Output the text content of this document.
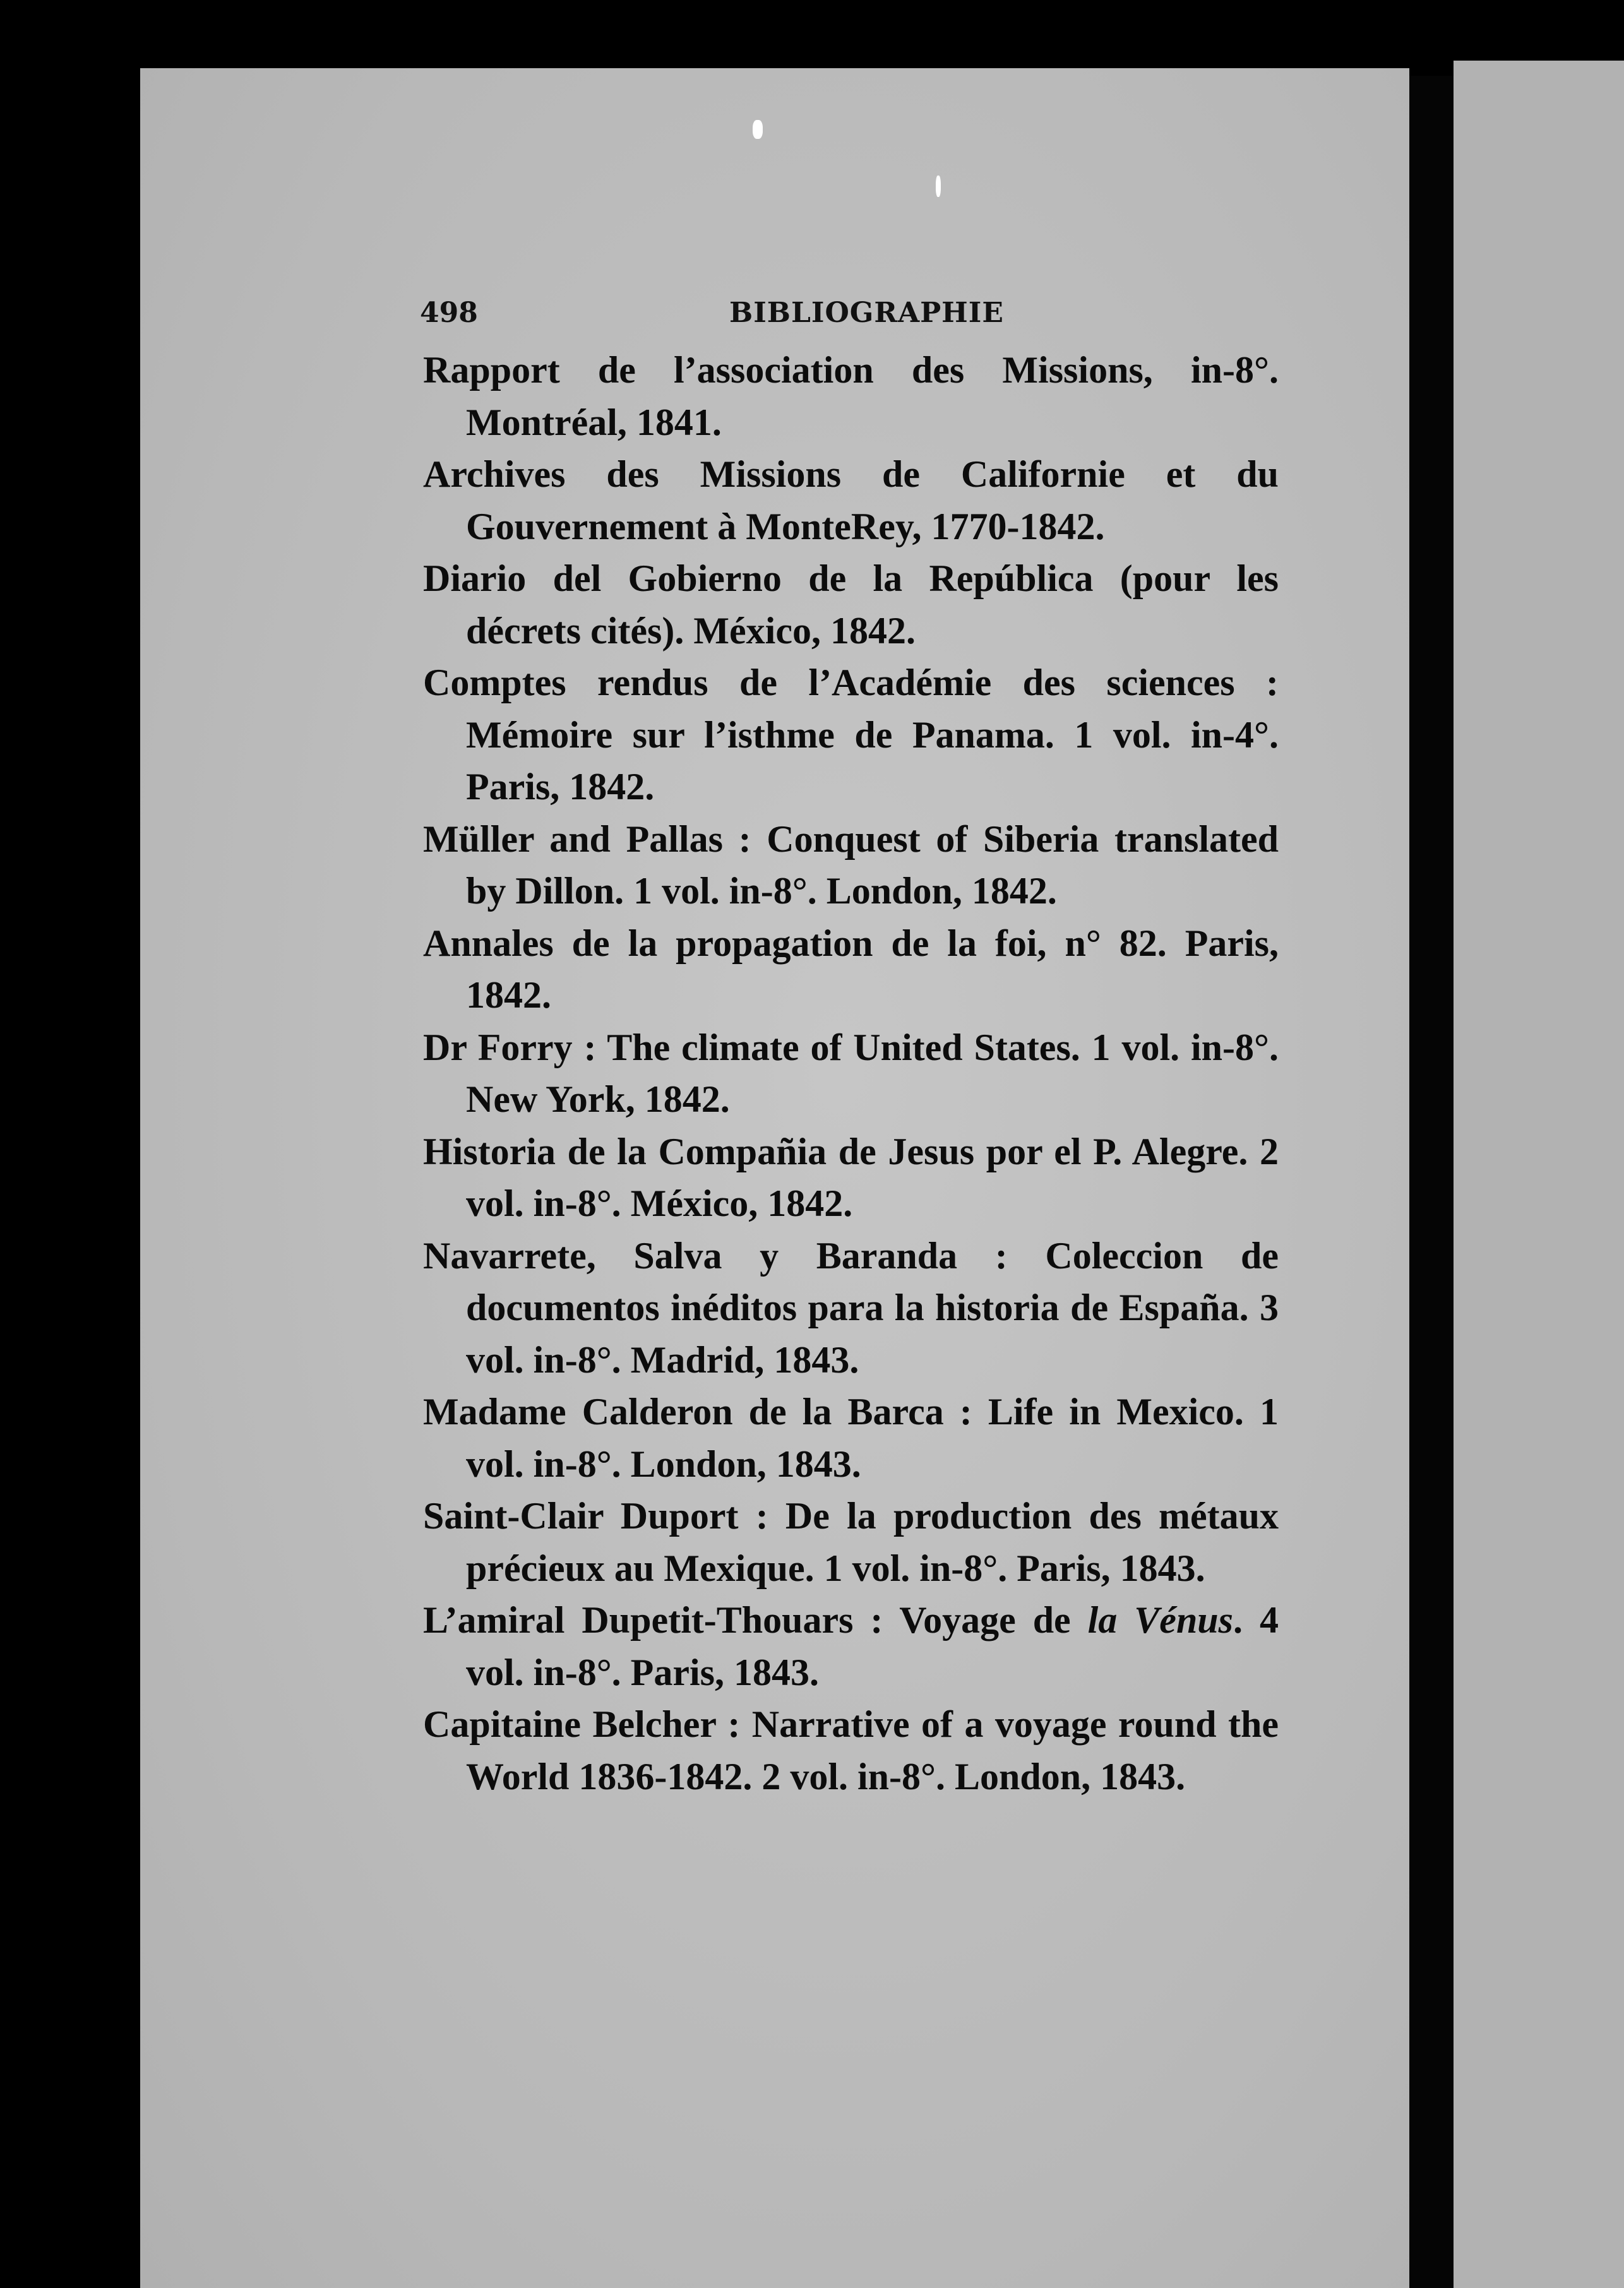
498	BIBLIOGRAPHIE

Rapport de l’association des Missions, in-8°. Montréal, 1841.

Archives des Missions de Californie et du Gouvernement à MonteRey, 1770-1842.

Diario del Gobierno de la República (pour les décrets cités). México, 1842.

Comptes rendus de l’Académie des sciences : Mémoire sur l’isthme de Panama. 1 vol. in-4°. Paris, 1842.

Müller and Pallas : Conquest of Siberia translated by Dillon. 1 vol. in-8°. London, 1842.

Annales de la propagation de la foi, n° 82. Paris, 1842.

Dr Forry : The climate of United States. 1 vol. in-8°. New York, 1842.

Historia de la Compañia de Jesus por el P. Alegre. 2 vol. in-8°. México, 1842.

Navarrete, Salva y Baranda : Coleccion de documentos inéditos para la historia de España. 3 vol. in-8°. Madrid, 1843.

Madame Calderon de la Barca : Life in Mexico. 1 vol. in-8°. London, 1843.

Saint-Clair Duport : De la production des métaux précieux au Mexique. 1 vol. in-8°. Paris, 1843.

L’amiral Dupetit-Thouars : Voyage de la Vénus. 4 vol. in-8°. Paris, 1843.

Capitaine Belcher : Narrative of a voyage round the World 1836-1842. 2 vol. in-8°. London, 1843.
